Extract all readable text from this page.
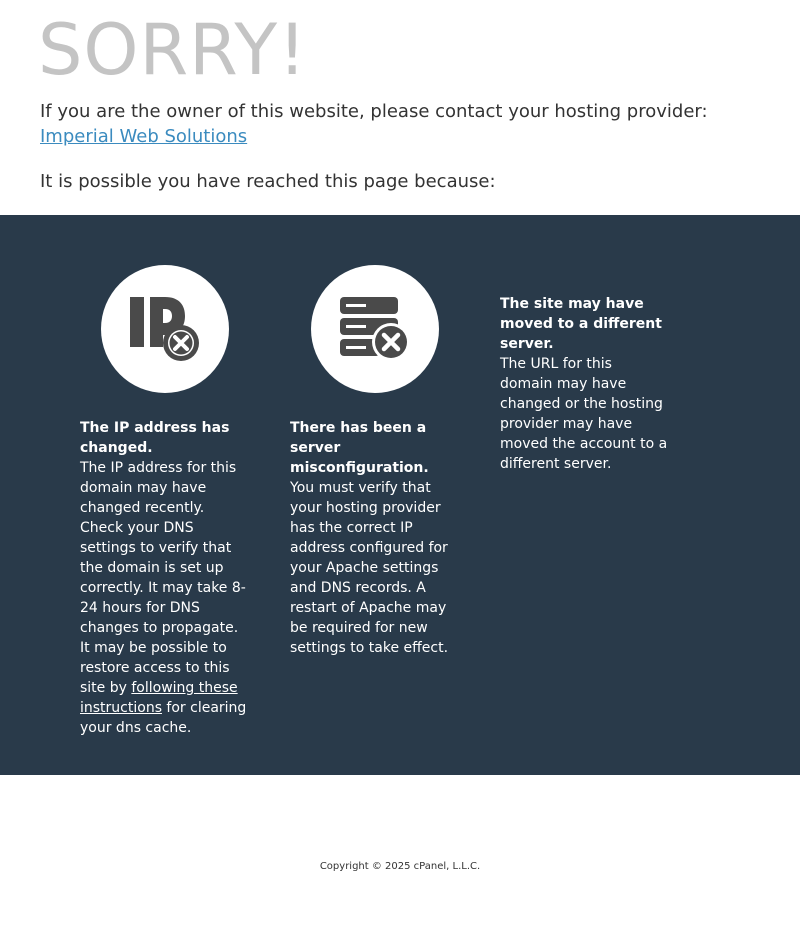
SORRY!

If you are the owner of this website, please contact your hosting provider:
Imperial Web Solutions

It is possible you have reached this page because:

The IP address has changed.

The IP address for this domain may have changed recently. Check your DNS settings to verify that the domain is set up correctly. It may take 8-24 hours for DNS changes to propagate. It may be possible to restore access to this site by following these instructions for clearing your dns cache.

There has been a server misconfiguration.

You must verify that your hosting provider has the correct IP address configured for your Apache settings and DNS records. A restart of Apache may be required for new settings to take effect.

The site may have moved to a different server.

The URL for this domain may have changed or the hosting provider may have moved the account to a different server.

Copyright © 2025 cPanel, L.L.C.
